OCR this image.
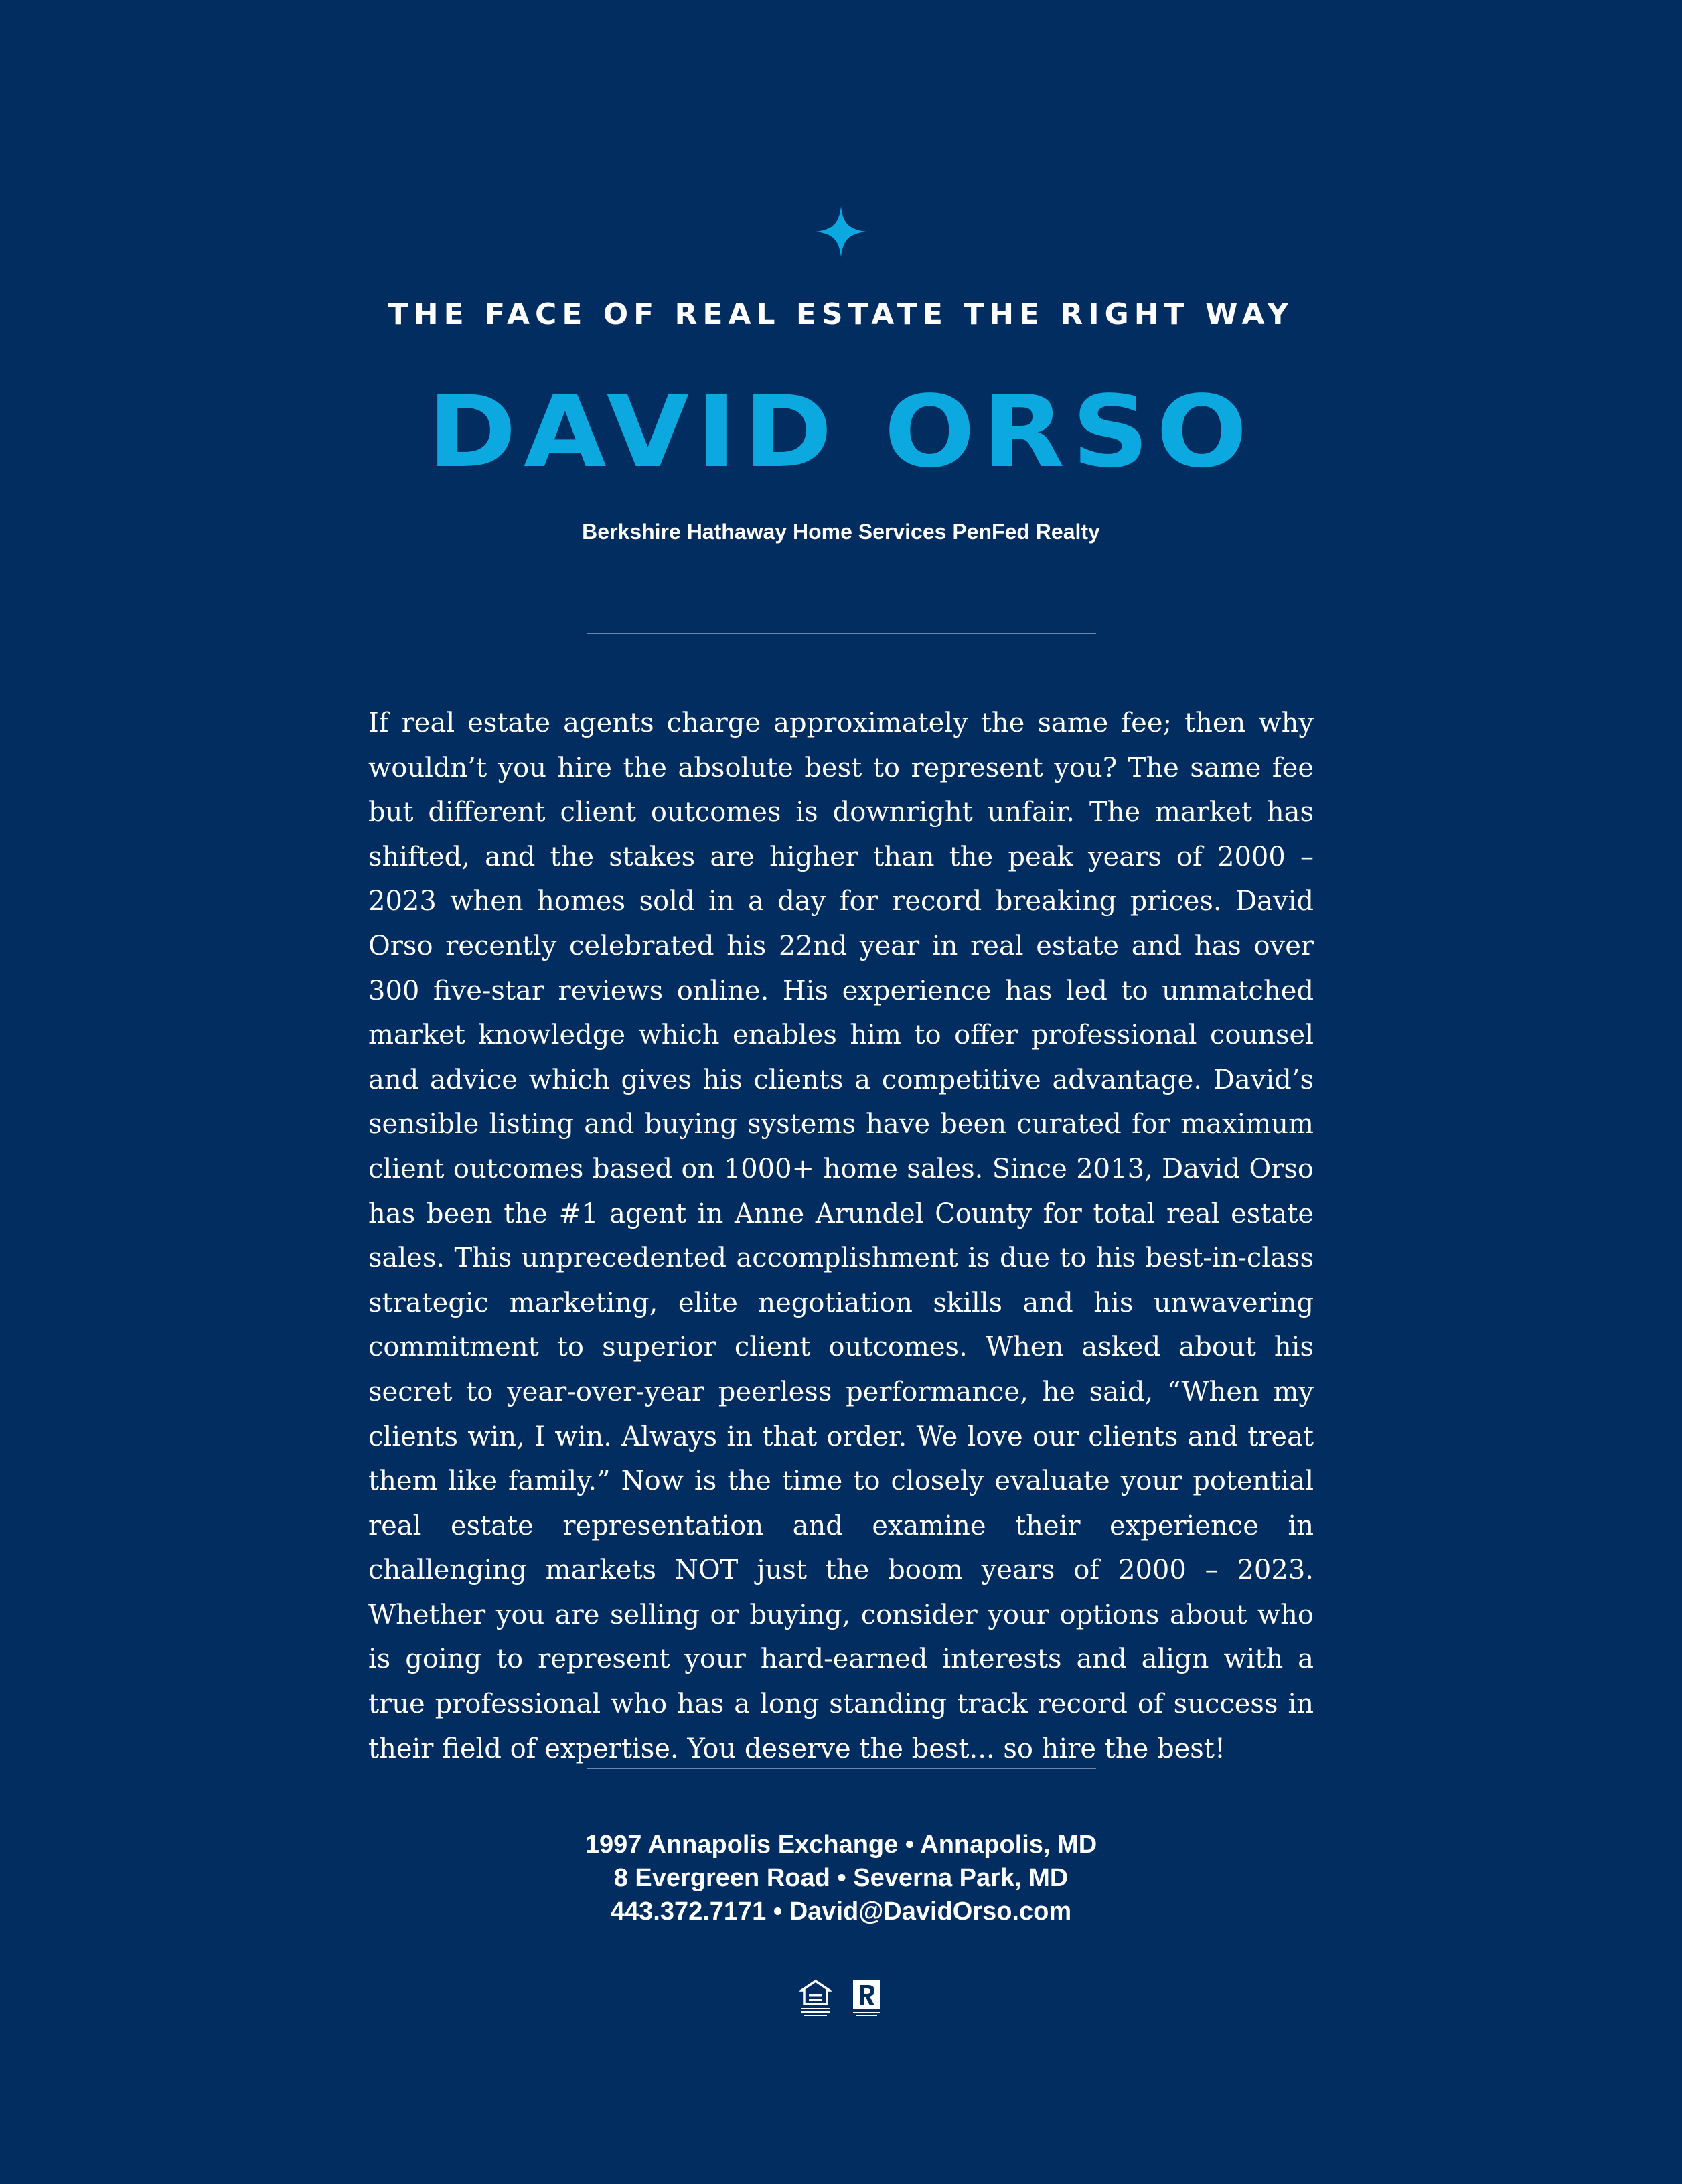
THE FACE OF REAL ESTATE THE RIGHT WAY
DAVID ORSO
Berkshire Hathaway Home Services PenFed Realty

If real estate agents charge approximately the same fee; then why wouldn’t you hire the absolute best to represent you? The same fee but different client outcomes is downright unfair. The market has shifted, and the stakes are higher than the peak years of 2000 – 2023 when homes sold in a day for record breaking prices. David Orso recently celebrated his 22nd year in real estate and has over 300 five-star reviews online. His experience has led to unmatched market knowledge which enables him to offer professional counsel and advice which gives his clients a competitive advantage. David’s sensible listing and buying systems have been curated for maximum client outcomes based on 1000+ home sales. Since 2013, David Orso has been the #1 agent in Anne Arundel County for total real estate sales. This unprecedented accomplishment is due to his best-in-class strategic marketing, elite negotiation skills and his unwavering commitment to superior client outcomes. When asked about his secret to year-over-year peerless performance, he said, “When my clients win, I win. Always in that order. We love our clients and treat them like family.” Now is the time to closely evaluate your potential real estate representation and examine their experience in challenging markets NOT just the boom years of 2000 – 2023. Whether you are selling or buying, consider your options about who is going to represent your hard-earned interests and align with a true professional who has a long standing track record of success in their field of expertise. You deserve the best... so hire the best!

1997 Annapolis Exchange • Annapolis, MD
8 Evergreen Road • Severna Park, MD
443.372.7171 • David@DavidOrso.com
